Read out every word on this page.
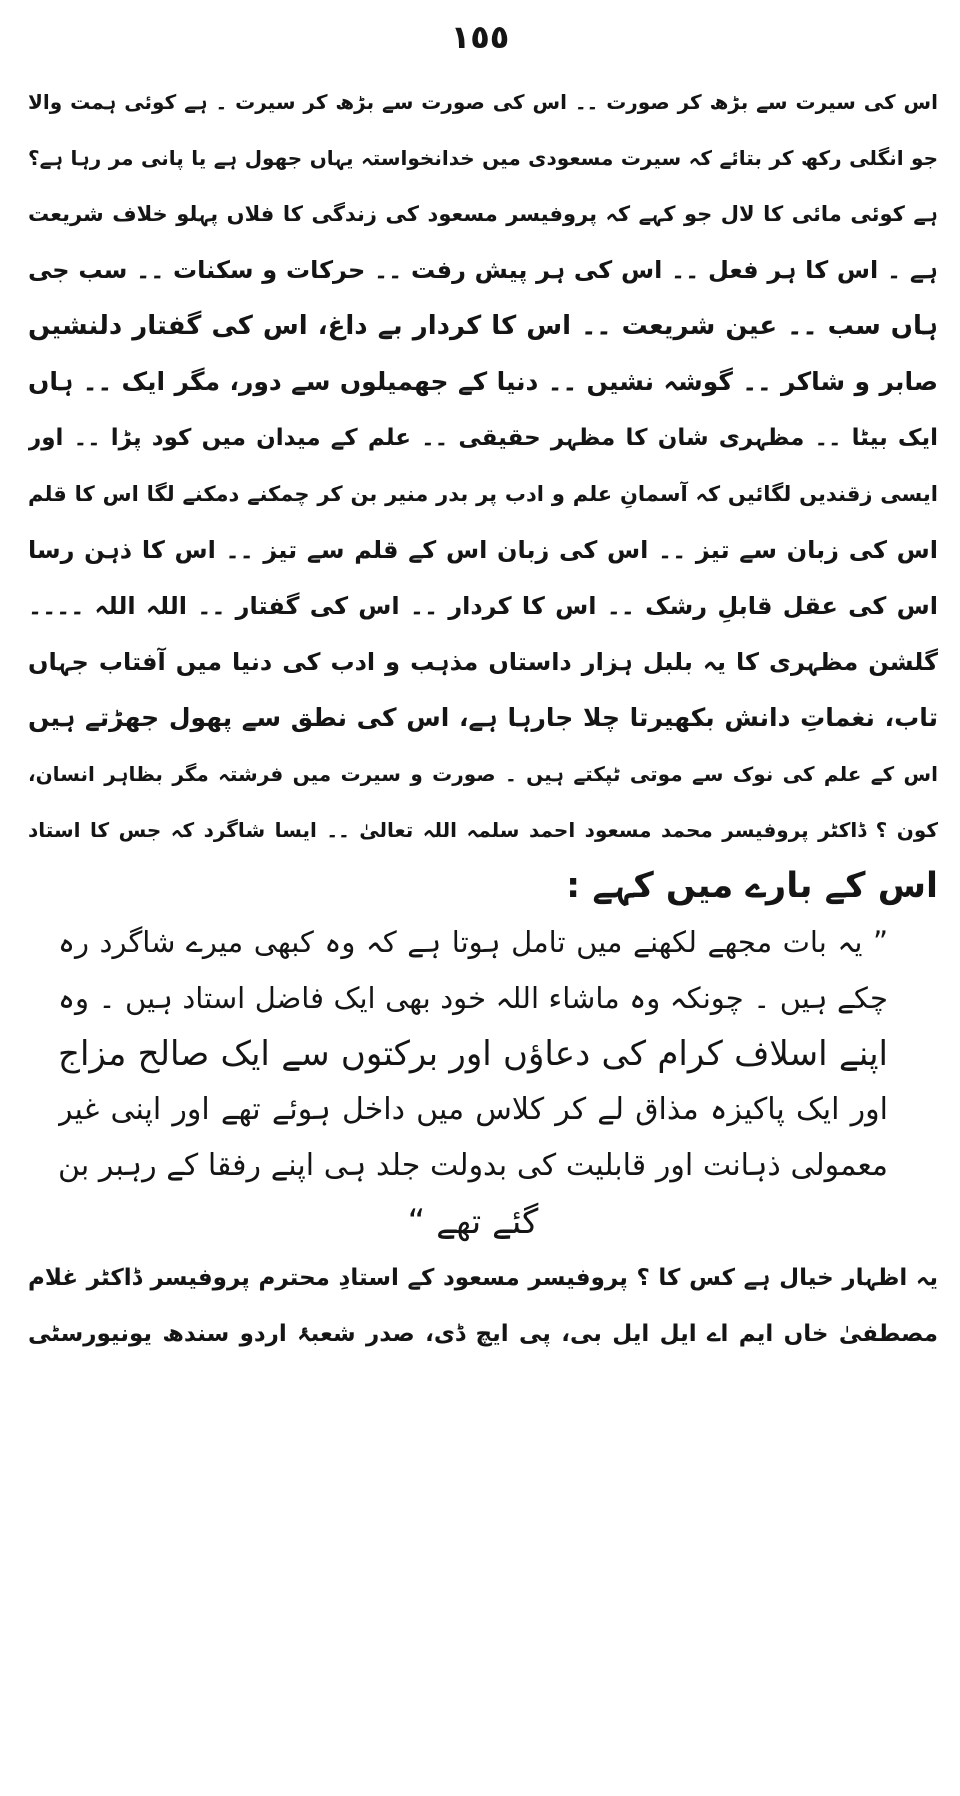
١٥٥
اس کی سیرت سے بڑھ کر صورت ۔۔ اس کی صورت سے بڑھ کر سیرت ۔ ہے کوئی ہمت والا
جو انگلی رکھ کر بتائے کہ سیرت مسعودی میں خدانخواستہ یہاں جھول ہے یا پانی مر رہا ہے؟
ہے کوئی مائی کا لال جو کہے کہ پروفیسر مسعود کی زندگی کا فلاں پہلو خلاف شریعت
ہے ۔ اس کا ہر فعل ۔۔ اس کی ہر پیش رفت ۔۔ حرکات و سکنات ۔۔ سب جی
ہاں سب ۔۔ عین شریعت ۔۔ اس کا کردار بے داغ، اس کی گفتار دلنشیں
صابر و شاکر ۔۔ گوشہ نشیں ۔۔ دنیا کے جھمیلوں سے دور، مگر ایک ۔۔ ہاں
ایک بیٹا ۔۔ مظہری شان کا مظہر حقیقی ۔۔ علم کے میدان میں کود پڑا ۔۔ اور
ایسی زقندیں لگائیں کہ آسمانِ علم و ادب پر بدر منیر بن کر چمکنے دمکنے لگا اس کا قلم
اس کی زبان سے تیز ۔۔ اس کی زبان اس کے قلم سے تیز ۔۔ اس کا ذہن رسا
اس کی عقل قابلِ رشک ۔۔ اس کا کردار ۔۔ اس کی گفتار ۔۔ اللہ اللہ ۔۔۔۔
گلشن مظہری کا یہ بلبل ہزار داستاں مذہب و ادب کی دنیا میں آفتاب جہاں
تاب، نغماتِ دانش بکھیرتا چلا جارہا ہے، اس کی نطق سے پھول جھڑتے ہیں
اس کے علم کی نوک سے موتی ٹپکتے ہیں ۔ صورت و سیرت میں فرشتہ مگر بظاہر انسان،
کون ؟ ڈاکٹر پروفیسر محمد مسعود احمد سلمہ اللہ تعالیٰ ۔۔ ایسا شاگرد کہ جس کا استاد
اس کے بارے میں کہے :
” یہ بات مجھے لکھنے میں تامل ہوتا ہے کہ وہ کبھی میرے شاگرد رہ
چکے ہیں ۔ چونکہ وہ ماشاء اللہ خود بھی ایک فاضل استاد ہیں ۔ وہ
اپنے اسلاف کرام کی دعاؤں اور برکتوں سے ایک صالح مزاج
اور ایک پاکیزہ مذاق لے کر کلاس میں داخل ہوئے تھے اور اپنی غیر
معمولی ذہانت اور قابلیت کی بدولت جلد ہی اپنے رفقا کے رہبر بن
گئے تھے “
یہ اظہار خیال ہے کس کا ؟ پروفیسر مسعود کے استادِ محترم پروفیسر ڈاکٹر غلام
مصطفیٰ خاں ایم اے ایل ایل بی، پی ایچ ڈی، صدر شعبۂ اردو سندھ یونیورسٹی
